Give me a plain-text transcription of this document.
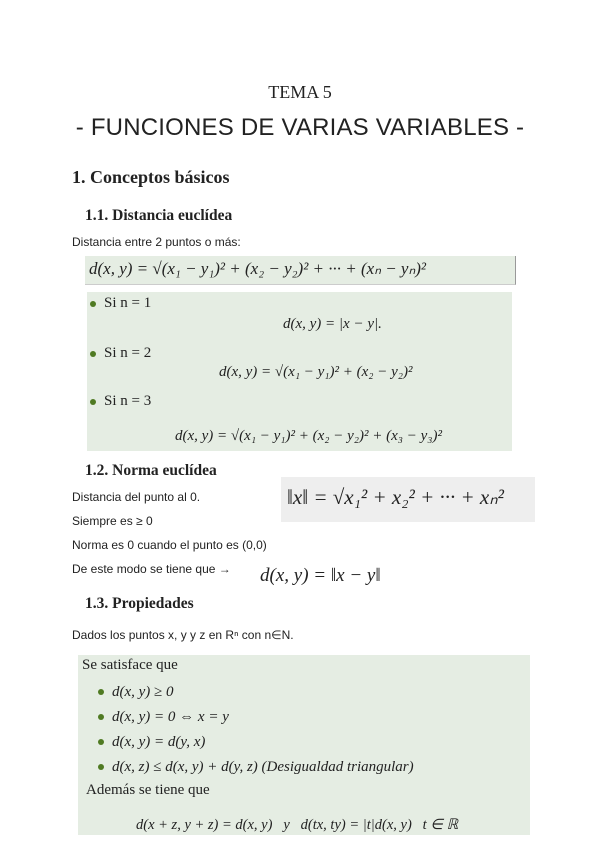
TEMA 5
- FUNCIONES DE VARIAS VARIABLES -
1. Conceptos básicos
1.1. Distancia euclídea
Distancia entre 2 puntos o más:
d(x, y) = √(x₁ − y₁)² + (x₂ − y₂)² + ··· + (xₙ − yₙ)²
Si n = 1
d(x, y) = |x − y|.
Si n = 2
d(x, y) = √(x₁ − y₁)² + (x₂ − y₂)²
Si n = 3
d(x, y) = √(x₁ − y₁)² + (x₂ − y₂)² + (x₃ − y₃)²
1.2. Norma euclídea
Distancia del punto al 0.
Siempre es ≥ 0
Norma es 0 cuando el punto es (0,0)
De este modo se tiene que →
‖x‖ = √x₁² + x₂² + ··· + xₙ²
d(x, y) = ‖x − y‖
1.3. Propiedades
Dados los puntos x, y y z en Rⁿ con n∈N.
Se satisface que
d(x, y) ≥ 0
d(x, y) = 0 ⇔ x = y
d(x, y) = d(y, x)
d(x, z) ≤ d(x, y) + d(y, z) (Desigualdad triangular)
Además se tiene que
d(x + z, y + z) = d(x, y)   y   d(tx, ty) = |t|d(x, y)   t ∈ ℝ
